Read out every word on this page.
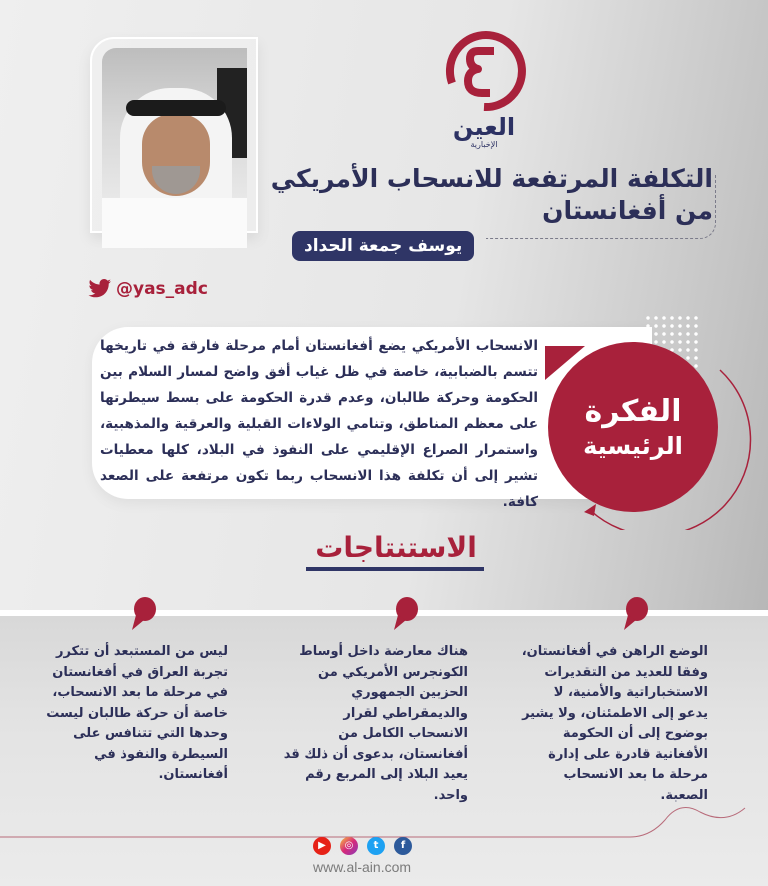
@yas_adc
العين
الإخبارية
التكلفة المرتفعة للانسحاب الأمريكي
من أفغانستان
يوسف جمعة الحداد
الانسحاب الأمريكي يضع أفغانستان أمام مرحلة فارقة في تاريخها تتسم بالضبابية، خاصة في ظل غياب أفق واضح لمسار السلام بين الحكومة وحركة طالبان، وعدم قدرة الحكومة على بسط سيطرتها على معظم المناطق، وتنامي الولاءات القبلية والعرقية والمذهبية، واستمرار الصراع الإقليمي على النفوذ في البلاد، كلها معطيات تشير إلى أن تكلفة هذا الانسحاب ربما تكون مرتفعة على الصعد كافة.
الفكرة
الرئيسية
الاستنتاجات
الوضع الراهن في أفغانستان، وفقا للعديد من التقديرات الاستخباراتية والأمنية، لا يدعو إلى الاطمئنان، ولا يشير بوضوح إلى أن الحكومة الأفغانية قادرة على إدارة مرحلة ما بعد الانسحاب الصعبة.
هناك معارضة داخل أوساط الكونجرس الأمريكي من الحزبين الجمهوري والديمقراطي لقرار الانسحاب الكامل من أفغانستان، بدعوى أن ذلك قد يعيد البلاد إلى المربع رقم واحد.
ليس من المستبعد أن تتكرر تجربة العراق في أفغانستان في مرحلة ما بعد الانسحاب، خاصة أن حركة طالبان ليست وحدها التي تتنافس على السيطرة والنفوذ في أفغانستان.
▶	◎	t	f
www.al-ain.com
